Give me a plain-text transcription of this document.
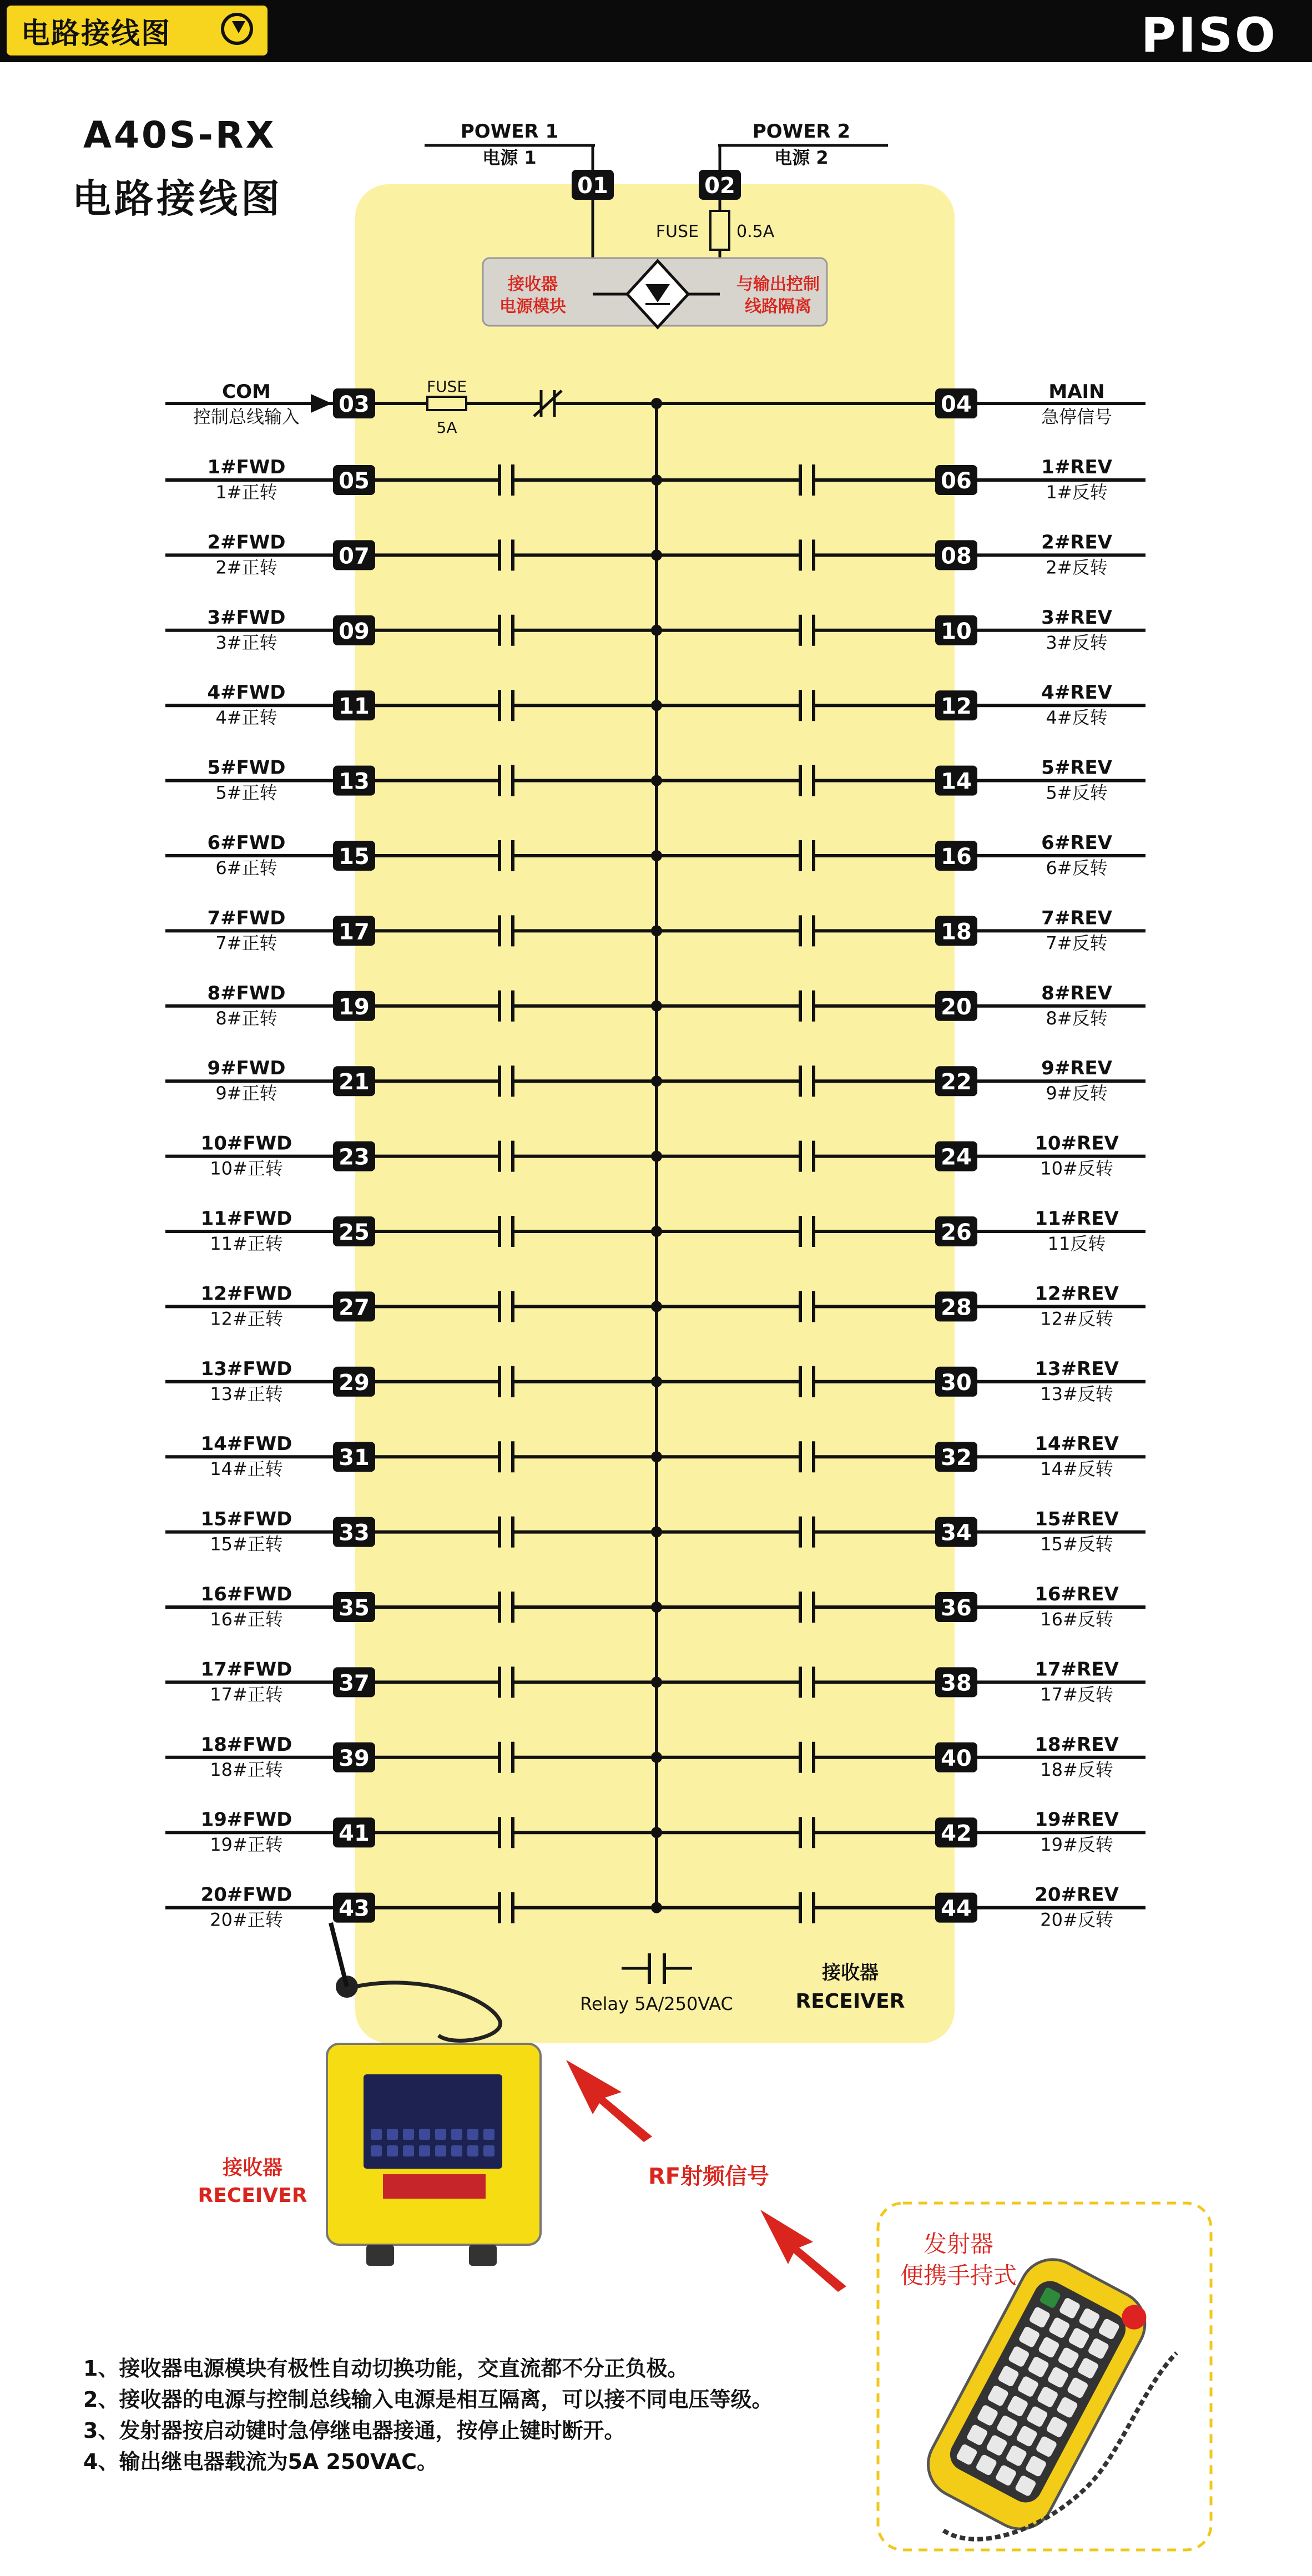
电路接线图	PISO
A40S-RX
电路接线图
POWER 1
电源 1
POWER 2
电源 2
01	02
FUSE 0.5A
接收器
电源模块
与输出控制
线路隔离
COM
控制总线输入 03
FUSE
5A
04	MAIN
急停信号
1#FWD
1#正转	05	06
1#REV
1#反转
2#FWD
2#正转	07	08
2#REV
2#反转
3#FWD
3#正转	09	10
3#REV
3#反转
4#FWD
4#正转	11	12
4#REV
4#反转
5#FWD
5#正转	13	14
5#REV
5#反转
6#FWD
6#正转	15	16
6#REV
6#反转
7#FWD
7#正转	17	18
7#REV
7#反转
8#FWD
8#正转	19	20
8#REV
8#反转
9#FWD
9#正转	21	22
9#REV
9#反转
10#FWD
10#正转	23	24
10#REV
10#反转
11#FWD
11#正转	25	26
11#REV
11反转
12#FWD
12#正转	27	28
12#REV
12#反转
13#FWD
13#正转	29	30
13#REV
13#反转
14#FWD
14#正转	31	32
14#REV
14#反转
15#FWD
15#正转	33	34
15#REV
15#反转
16#FWD
16#正转	35	36
16#REV
16#反转
17#FWD
17#正转	37	38
17#REV
17#反转
18#FWD
18#正转	39	40
18#REV
18#反转
19#FWD
19#正转	41	42
19#REV
19#反转
20#FWD
20#正转	43	44
20#REV
20#反转
Relay 5A/250VAC
接收器
RECEIVER
接收器
RECEIVER
RF射频信号
发射器
便携手持式
1、接收器电源模块有极性自动切换功能，交直流都不分正负极。
2、接收器的电源与控制总线输入电源是相互隔离，可以接不同电压等级。
3、发射器按启动键时急停继电器接通，按停止键时断开。
4、输出继电器载流为5A 250VAC。
